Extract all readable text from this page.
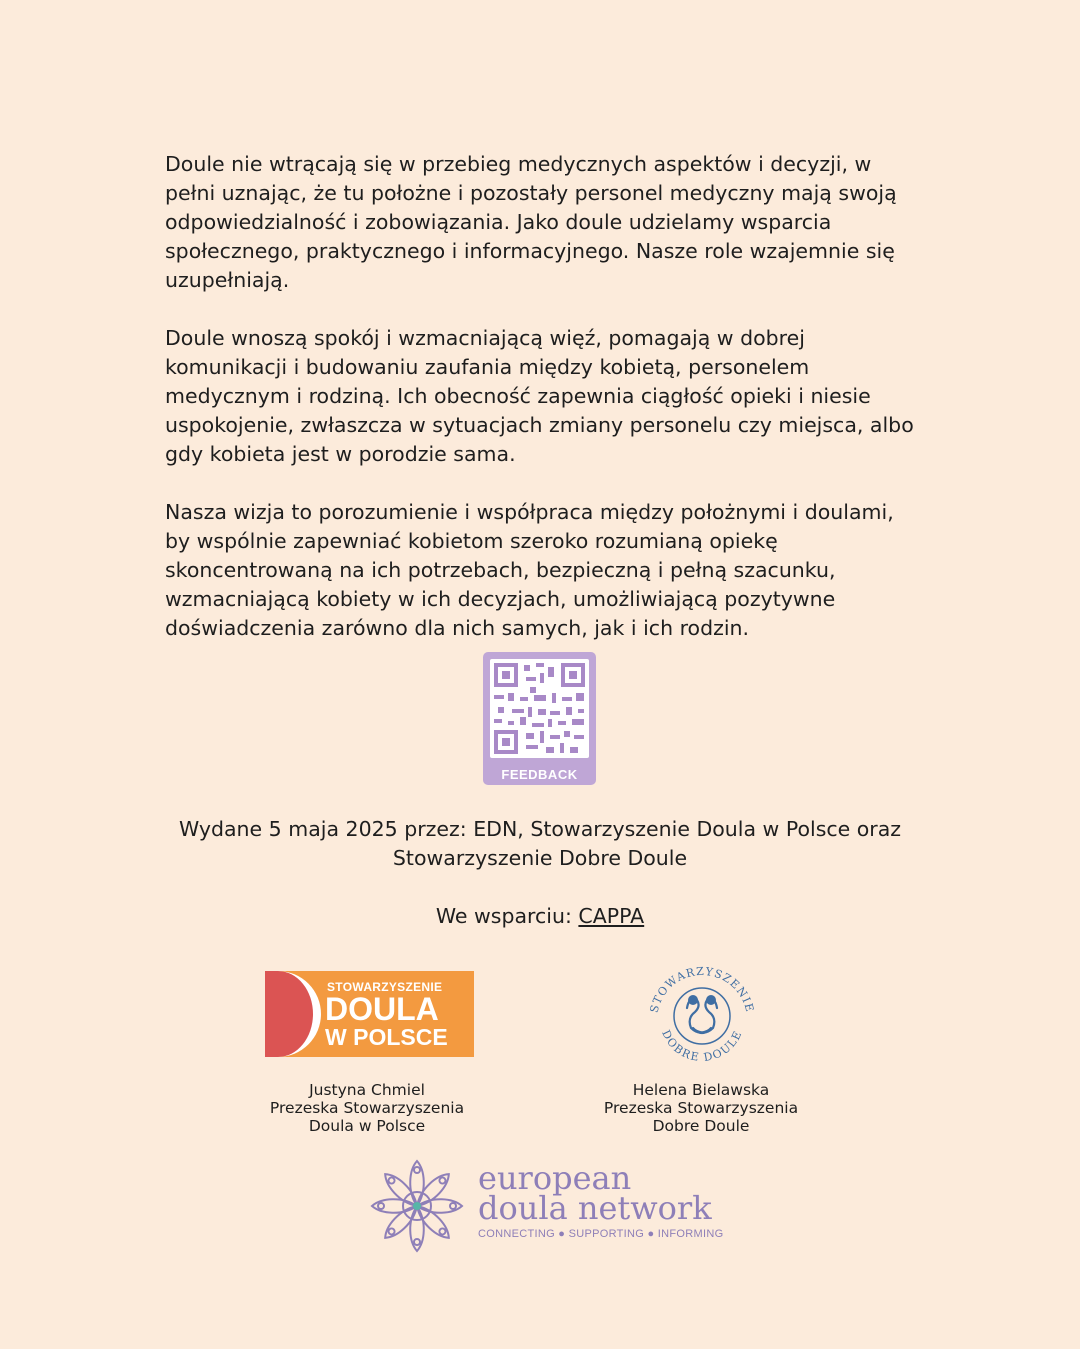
Doule nie wtrącają się w przebieg medycznych aspektów i decyzji, w pełni uznając, że tu położne i pozostały personel medyczny mają swoją odpowiedzialność i zobowiązania. Jako doule udzielamy wsparcia społecznego, praktycznego i informacyjnego. Nasze role wzajemnie się uzupełniają.

Doule wnoszą spokój i wzmacniającą więź, pomagają w dobrej komunikacji i budowaniu zaufania między kobietą, personelem medycznym i rodziną. Ich obecność zapewnia ciągłość opieki i niesie uspokojenie, zwłaszcza w sytuacjach zmiany personelu czy miejsca, albo gdy kobieta jest w porodzie sama.

Nasza wizja to porozumienie i współpraca między położnymi i doulami, by wspólnie zapewniać kobietom szeroko rozumianą opiekę skoncentrowaną na ich potrzebach, bezpieczną i pełną szacunku, wzmacniającą kobiety w ich decyzjach, umożliwiającą pozytywne doświadczenia zarówno dla nich samych, jak i ich rodzin.

FEEDBACK
Wydane 5 maja 2025 przez: EDN, Stowarzyszenie Doula w Polsce oraz
Stowarzyszenie Dobre Doule
We wsparciu: CAPPA
STOWARZYSZENIE
DOULA
W POLSCE
STOWARZYSZENIE
DOBRE DOULE
Justyna Chmiel
Prezeska Stowarzyszenia
Doula w Polsce
Helena Bielawska
Prezeska Stowarzyszenia
Dobre Doule
european
doula network
CONNECTING ● SUPPORTING ● INFORMING
